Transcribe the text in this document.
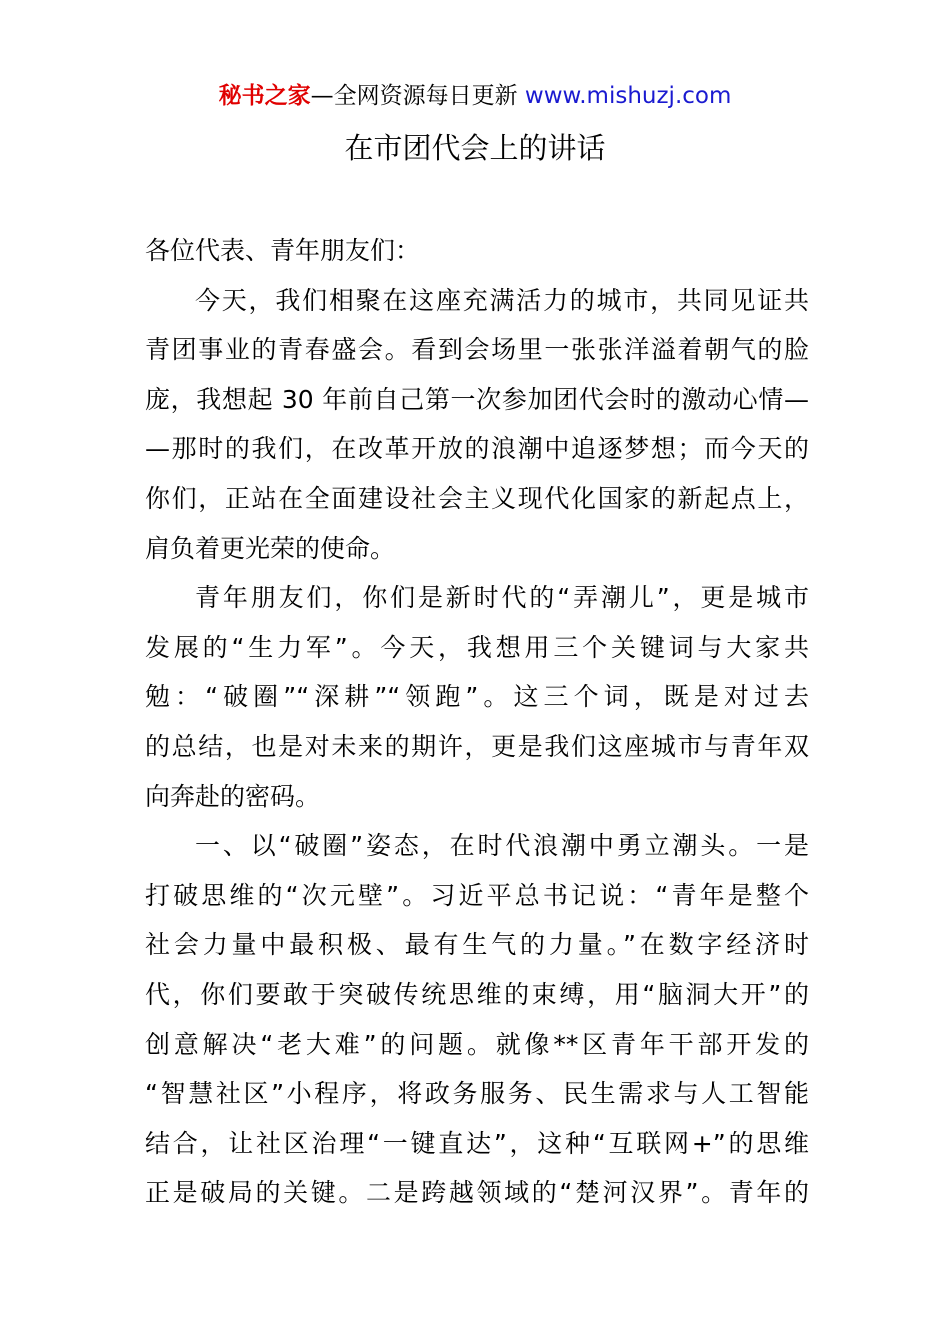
秘书之家—全网资源每日更新 www.mishuzj.com
在市团代会上的讲话
各位代表、青年朋友们：
今天，我们相聚在这座充满活力的城市，共同见证共
青团事业的青春盛会。看到会场里一张张洋溢着朝气的脸
庞，我想起 30 年前自己第一次参加团代会时的激动心情—
—那时的我们，在改革开放的浪潮中追逐梦想；而今天的
你们，正站在全面建设社会主义现代化国家的新起点上，
肩负着更光荣的使命。
青年朋友们，你们是新时代的“弄潮儿”，更是城市
发展的“生力军”。今天，我想用三个关键词与大家共
勉：“破圈”“深耕”“领跑”。这三个词，既是对过去
的总结，也是对未来的期许，更是我们这座城市与青年双
向奔赴的密码。
一、以“破圈”姿态，在时代浪潮中勇立潮头。一是
打破思维的“次元壁”。习近平总书记说：“青年是整个
社会力量中最积极、最有生气的力量。”在数字经济时
代，你们要敢于突破传统思维的束缚，用“脑洞大开”的
创意解决“老大难”的问题。就像**区青年干部开发的
“智慧社区”小程序，将政务服务、民生需求与人工智能
结合，让社区治理“一键直达”，这种“互联网+”的思维
正是破局的关键。二是跨越领域的“楚河汉界”。青年的
